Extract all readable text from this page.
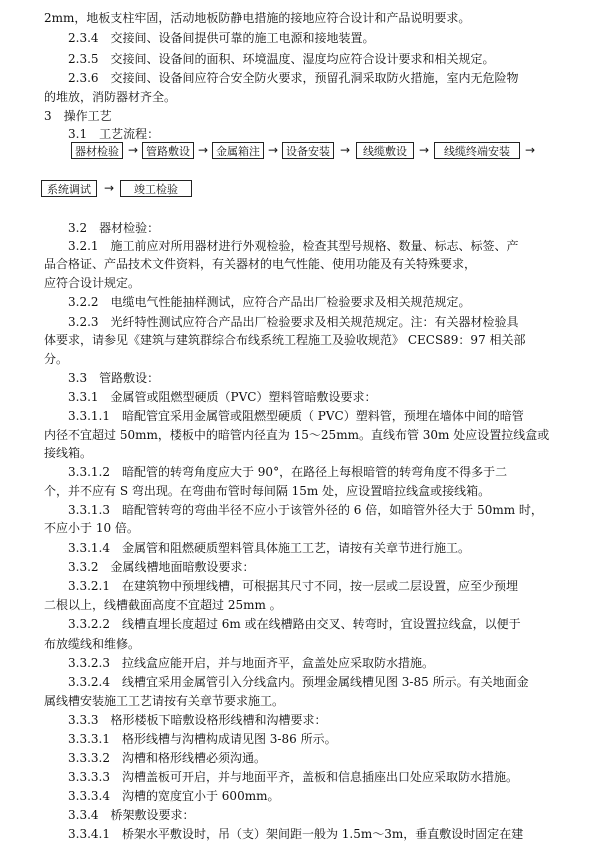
2mm，地板支柱牢固，活动地板防静电措施的接地应符合设计和产品说明要求。
2.3.4　交接间、设备间提供可靠的施工电源和接地装置。
2.3.5　交接间、设备间的面积、环境温度、湿度均应符合设计要求和相关规定。
2.3.6　交接间、设备间应符合安全防火要求，预留孔洞采取防火措施，室内无危险物
的堆放，消防器材齐全。
3　操作工艺
3.1　工艺流程：
器材检验 → 管路敷设 → 金属箱注 → 设备安装 →	线缆敷设	→	线缆终端安装	→
系统调试	→	竣工检验
3.2　器材检验：
3.2.1　施工前应对所用器材进行外观检验，检查其型号规格、数量、标志、标签、产
品合格证、产品技术文件资料，有关器材的电气性能、使用功能及有关特殊要求，
应符合设计规定。
3.2.2　电缆电气性能抽样测试，应符合产品出厂检验要求及相关规范规定。
3.2.3　光纤特性测试应符合产品出厂检验要求及相关规范规定。注：有关器材检验具
体要求，请参见《建筑与建筑群综合布线系统工程施工及验收规范》 CECS89：97 相关部
分。
3.3　管路敷设：
3.3.1　金属管或阻燃型硬质（PVC）塑料管暗敷设要求：
3.3.1.1　暗配管宜采用金属管或阻燃型硬质（ PVC）塑料管，预埋在墙体中间的暗管
内径不宜超过 50mm，楼板中的暗管内径直为 15～25mm。直线布管 30m 处应设置拉线盒或
接线箱。
3.3.1.2　暗配管的转弯角度应大于 90°，在路径上每根暗管的转弯角度不得多于二
个，并不应有 S 弯出现。在弯曲布管时每间隔 15m 处，应设置暗拉线盒或接线箱。
3.3.1.3　暗配管转弯的弯曲半径不应小于该管外径的 6 倍，如暗管外径大于 50mm 时，
不应小于 10 倍。
3.3.1.4　金属管和阻燃硬质塑料管具体施工工艺，请按有关章节进行施工。
3.3.2　金属线槽地面暗敷设要求：
3.3.2.1　在建筑物中预埋线槽，可根据其尺寸不同，按一层或二层设置，应至少预埋
二根以上，线槽截面高度不宜超过 25mm 。
3.3.2.2　线槽直埋长度超过 6m 或在线槽路由交叉、转弯时，宜设置拉线盒，以便于
布放缆线和维修。
3.3.2.3　拉线盒应能开启，并与地面齐平，盒盖处应采取防水措施。
3.3.2.4　线槽宜采用金属管引入分线盒内。预埋金属线槽见图 3-85 所示。有关地面金
属线槽安装施工工艺请按有关章节要求施工。
3.3.3　格形楼板下暗敷设格形线槽和沟槽要求：
3.3.3.1　格形线槽与沟槽构成请见图 3-86 所示。
3.3.3.2　沟槽和格形线槽必须沟通。
3.3.3.3　沟槽盖板可开启，并与地面平齐，盖板和信息插座出口处应采取防水措施。
3.3.3.4　沟槽的宽度宜小于 600mm。
3.3.4　桥架敷设要求：
3.3.4.1　桥架水平敷设时，吊（支）架间距一般为 1.5m～3m，垂直敷设时固定在建
